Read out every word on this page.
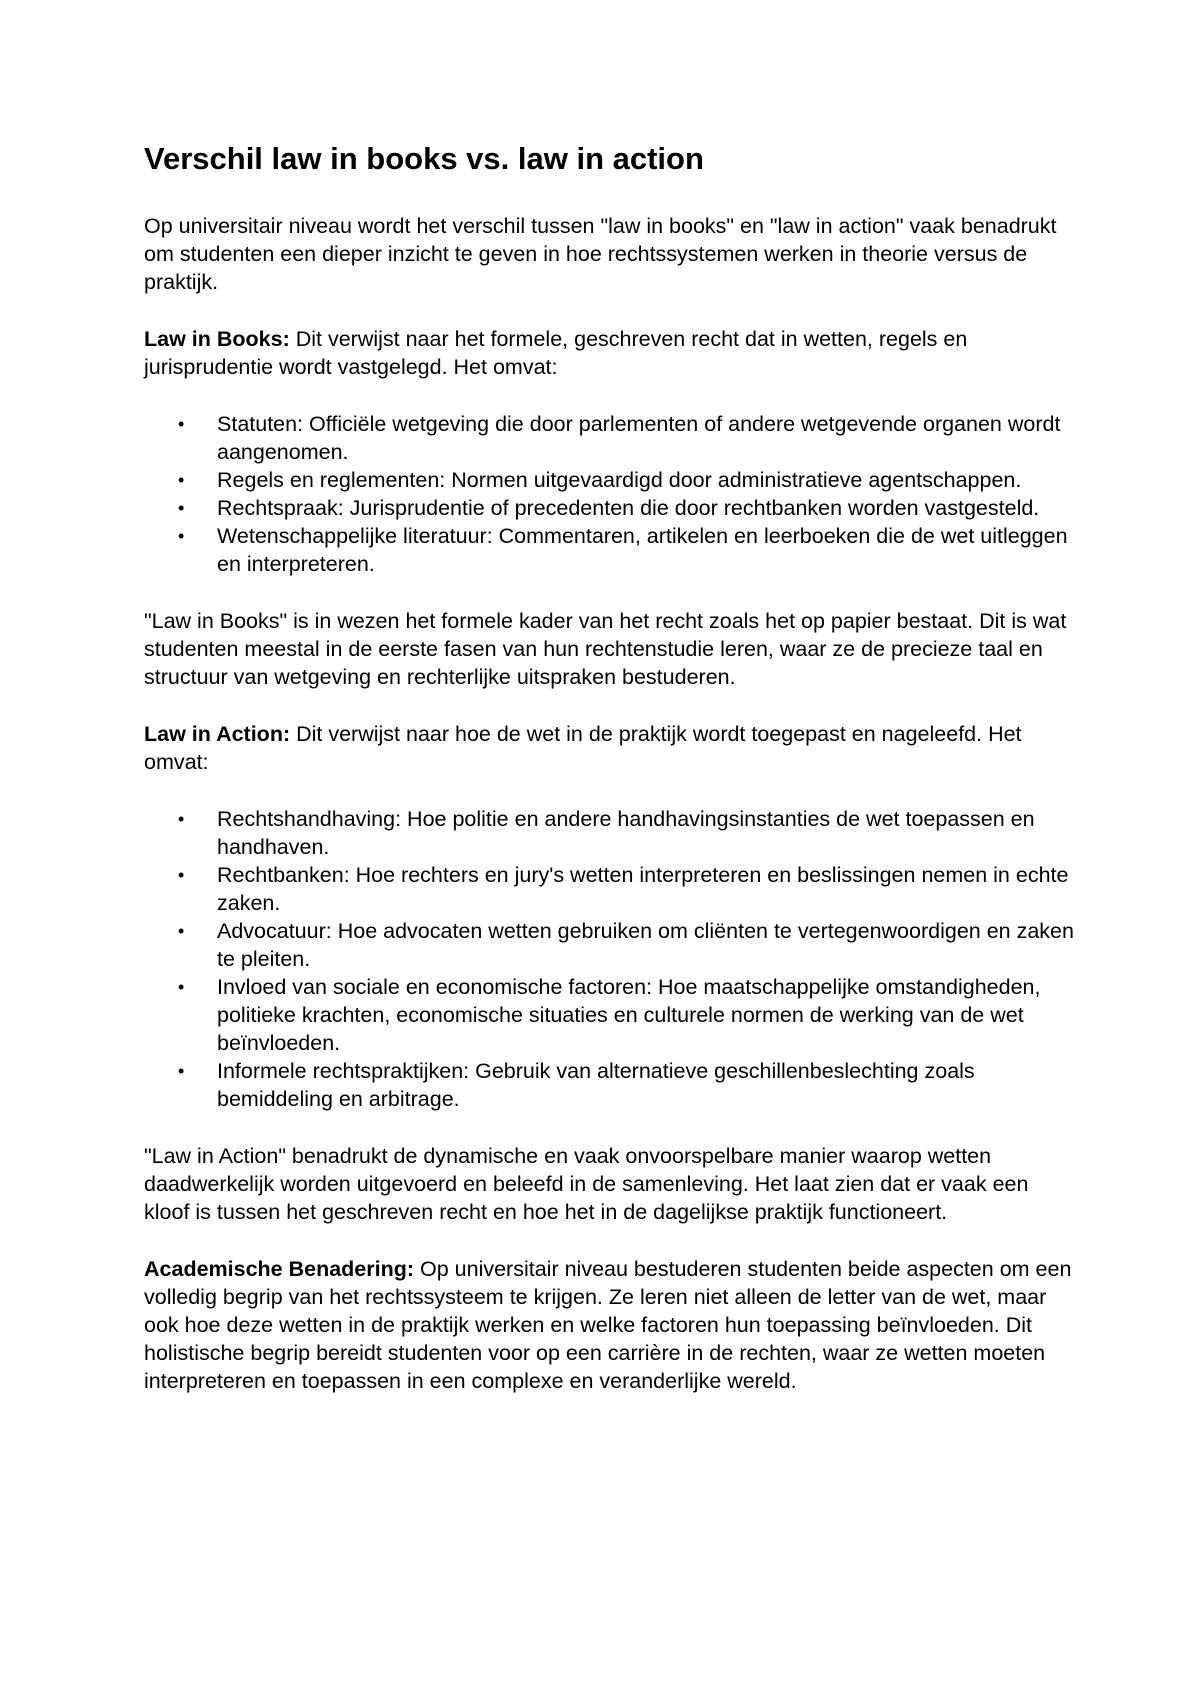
Verschil law in books vs. law in action

Op universitair niveau wordt het verschil tussen "law in books" en "law in action" vaak benadrukt om studenten een dieper inzicht te geven in hoe rechtssystemen werken in theorie versus de praktijk.

Law in Books: Dit verwijst naar het formele, geschreven recht dat in wetten, regels en jurisprudentie wordt vastgelegd. Het omvat:

• Statuten: Officiële wetgeving die door parlementen of andere wetgevende organen wordt aangenomen.
• Regels en reglementen: Normen uitgevaardigd door administratieve agentschappen.
• Rechtspraak: Jurisprudentie of precedenten die door rechtbanken worden vastgesteld.
• Wetenschappelijke literatuur: Commentaren, artikelen en leerboeken die de wet uitleggen en interpreteren.

"Law in Books" is in wezen het formele kader van het recht zoals het op papier bestaat. Dit is wat studenten meestal in de eerste fasen van hun rechtenstudie leren, waar ze de precieze taal en structuur van wetgeving en rechterlijke uitspraken bestuderen.

Law in Action: Dit verwijst naar hoe de wet in de praktijk wordt toegepast en nageleefd. Het omvat:

• Rechtshandhaving: Hoe politie en andere handhavingsinstanties de wet toepassen en handhaven.
• Rechtbanken: Hoe rechters en jury's wetten interpreteren en beslissingen nemen in echte zaken.
• Advocatuur: Hoe advocaten wetten gebruiken om cliënten te vertegenwoordigen en zaken te pleiten.
• Invloed van sociale en economische factoren: Hoe maatschappelijke omstandigheden, politieke krachten, economische situaties en culturele normen de werking van de wet beïnvloeden.
• Informele rechtspraktijken: Gebruik van alternatieve geschillenbeslechting zoals bemiddeling en arbitrage.

"Law in Action" benadrukt de dynamische en vaak onvoorspelbare manier waarop wetten daadwerkelijk worden uitgevoerd en beleefd in de samenleving. Het laat zien dat er vaak een kloof is tussen het geschreven recht en hoe het in de dagelijkse praktijk functioneert.

Academische Benadering: Op universitair niveau bestuderen studenten beide aspecten om een volledig begrip van het rechtssysteem te krijgen. Ze leren niet alleen de letter van de wet, maar ook hoe deze wetten in de praktijk werken en welke factoren hun toepassing beïnvloeden. Dit holistische begrip bereidt studenten voor op een carrière in de rechten, waar ze wetten moeten interpreteren en toepassen in een complexe en veranderlijke wereld.
